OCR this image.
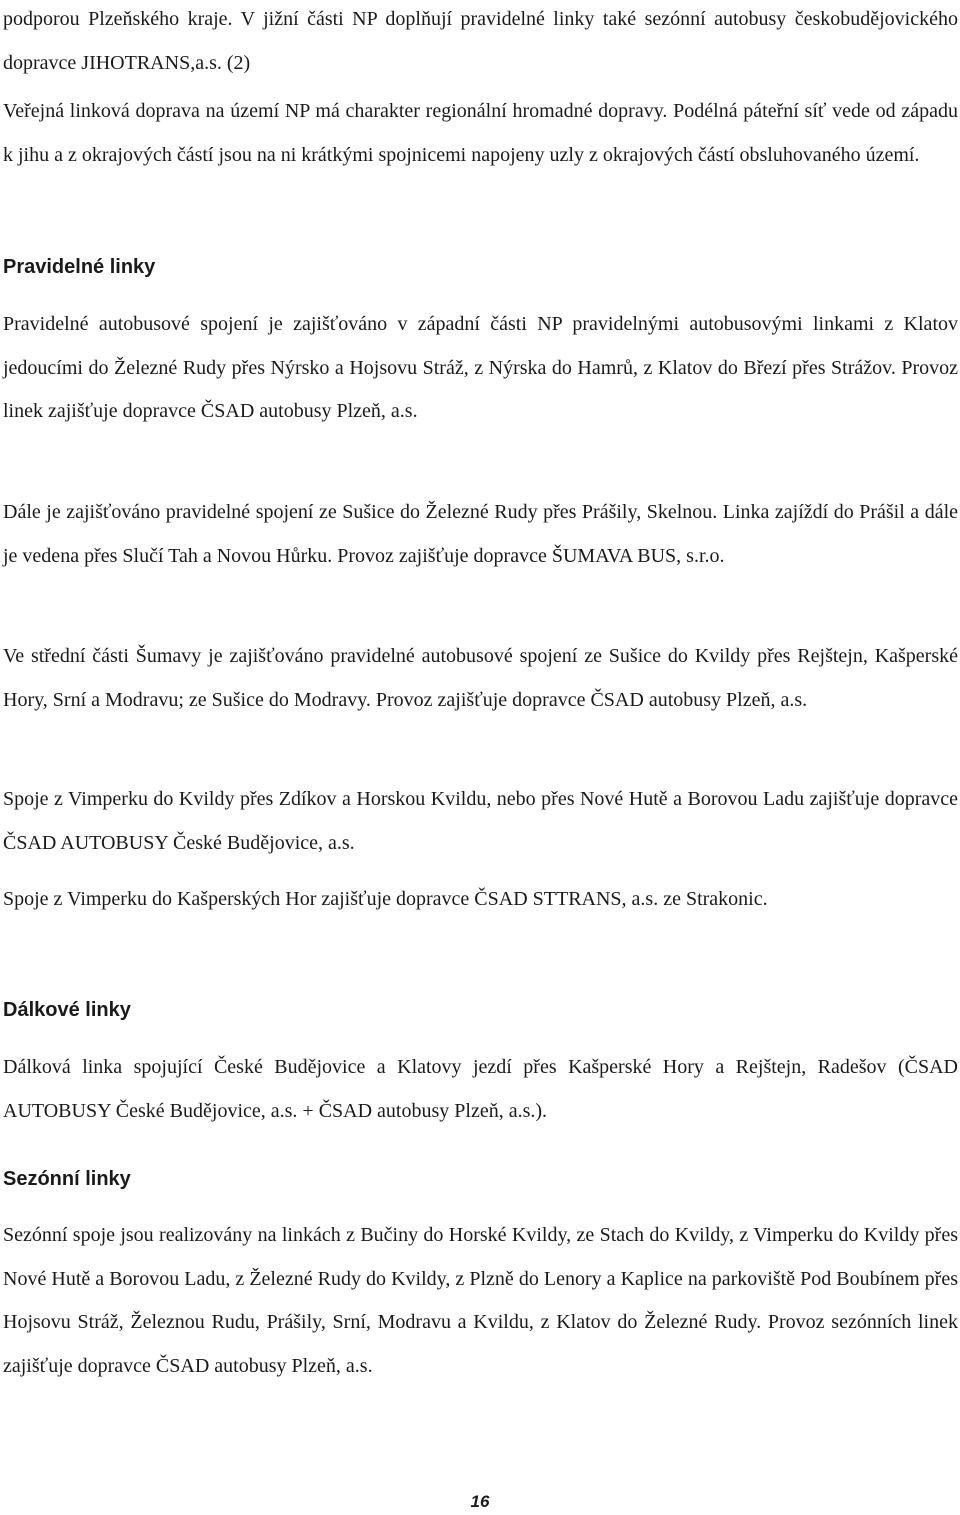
podporou Plzeňského kraje. V jižní části NP doplňují pravidelné linky také sezónní autobusy českobudějovického dopravce JIHOTRANS,a.s. (2)

Veřejná linková doprava na území NP má charakter regionální hromadné dopravy. Podélná páteřní síť vede od západu k jihu a z okrajových částí jsou na ni krátkými spojnicemi napojeny uzly z okrajových částí obsluhovaného území.

Pravidelné linky

Pravidelné autobusové spojení je zajišťováno v západní části NP pravidelnými autobusovými linkami z Klatov jedoucími do Železné Rudy přes Nýrsko a Hojsovu Stráž, z Nýrska do Hamrů, z Klatov do Březí přes Strážov. Provoz linek zajišťuje dopravce ČSAD autobusy Plzeň, a.s.

Dále je zajišťováno pravidelné spojení ze Sušice do Železné Rudy přes Prášily, Skelnou. Linka zajíždí do Prášil a dále je vedena přes Slučí Tah a Novou Hůrku. Provoz zajišťuje dopravce ŠUMAVA BUS, s.r.o.

Ve střední části Šumavy je zajišťováno pravidelné autobusové spojení ze Sušice do Kvildy přes Rejštejn, Kašperské Hory, Srní a Modravu; ze Sušice do Modravy. Provoz zajišťuje dopravce ČSAD autobusy Plzeň, a.s.

Spoje z Vimperku do Kvildy přes Zdíkov a Horskou Kvildu, nebo přes Nové Hutě a Borovou Ladu zajišťuje dopravce ČSAD AUTOBUSY České Budějovice, a.s.

Spoje z Vimperku do Kašperských Hor zajišťuje dopravce ČSAD STTRANS, a.s. ze Strakonic.

Dálkové linky

Dálková linka spojující České Budějovice a Klatovy jezdí přes Kašperské Hory a Rejštejn, Radešov (ČSAD AUTOBUSY České Budějovice, a.s. + ČSAD autobusy Plzeň, a.s.).

Sezónní linky

Sezónní spoje jsou realizovány na linkách z Bučiny do Horské Kvildy, ze Stach do Kvildy, z Vimperku do Kvildy přes Nové Hutě a Borovou Ladu, z Železné Rudy do Kvildy, z Plzně do Lenory a Kaplice na parkoviště Pod Boubínem přes Hojsovu Stráž, Železnou Rudu, Prášily, Srní, Modravu a Kvildu, z Klatov do Železné Rudy. Provoz sezónních linek zajišťuje dopravce ČSAD autobusy Plzeň, a.s.

16
